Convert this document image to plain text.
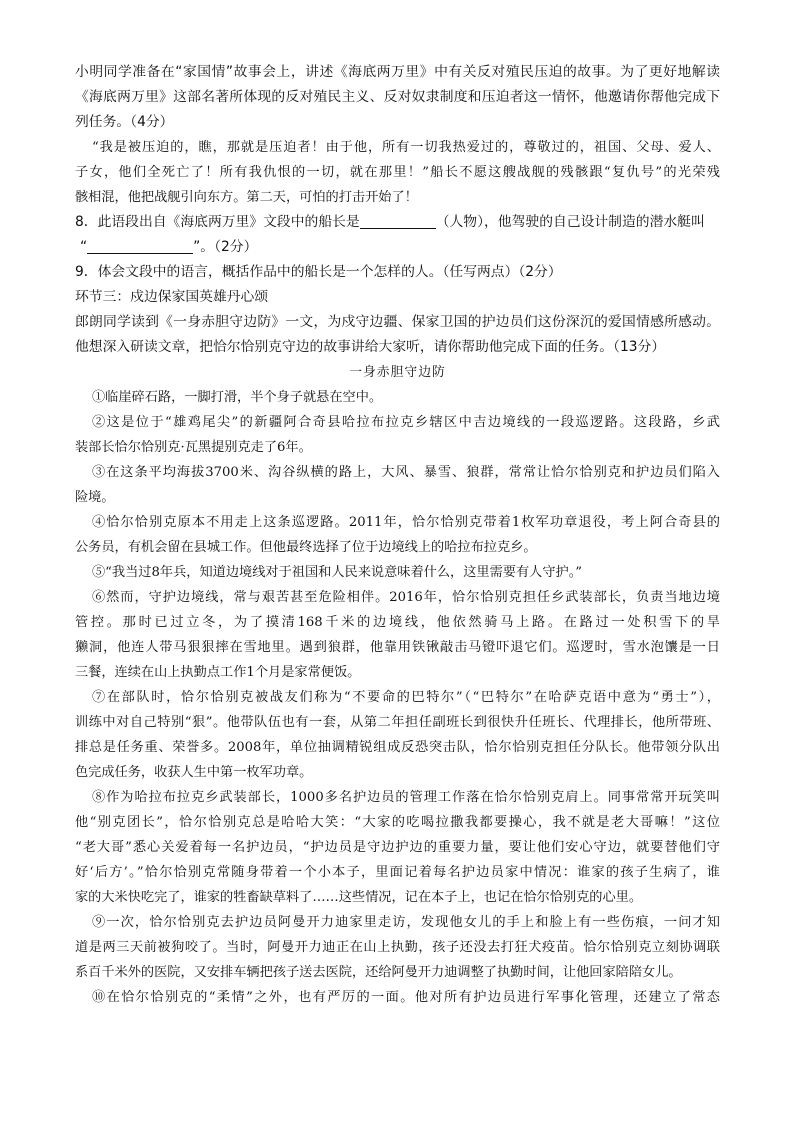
小明同学准备在“家国情”故事会上，讲述《海底两万里》中有关反对殖民压迫的故事。为了更好地解读
《海底两万里》这部名著所体现的反对殖民主义、反对奴隶制度和压迫者这一情怀，他邀请你帮他完成下
列任务。（4分）
“我是被压迫的，瞧，那就是压迫者！由于他，所有一切我热爱过的，尊敬过的，祖国、父母、爱人、
子女，他们全死亡了！所有我仇恨的一切，就在那里！”船长不愿这艘战舰的残骸跟“复仇号”的光荣残
骸相混，他把战舰引向东方。第二天，可怕的打击开始了！
8．此语段出自《海底两万里》文段中的船长是	（人物），他驾驶的自己设计制造的潜水艇叫
“	”。（2分）
9．体会文段中的语言，概括作品中的船长是一个怎样的人。（任写两点）（2分）
环节三：戍边保家国英雄丹心颂
郎朗同学读到《一身赤胆守边防》一文，为戍守边疆、保家卫国的护边员们这份深沉的爱国情感所感动。
他想深入研读文章，把恰尔恰别克守边的故事讲给大家听，请你帮助他完成下面的任务。（13分）
一身赤胆守边防
①临崖碎石路，一脚打滑，半个身子就悬在空中。
②这是位于“雄鸡尾尖”的新疆阿合奇县哈拉布拉克乡辖区中吉边境线的一段巡逻路。这段路，乡武
装部长恰尔恰别克·瓦黑提别克走了6年。
③在这条平均海拔3700米、沟谷纵横的路上，大风、暴雪、狼群，常常让恰尔恰别克和护边员们陷入
险境。
④恰尔恰别克原本不用走上这条巡逻路。2011年，恰尔恰别克带着1枚军功章退役，考上阿合奇县的
公务员，有机会留在县城工作。但他最终选择了位于边境线上的哈拉布拉克乡。
⑤“我当过8年兵，知道边境线对于祖国和人民来说意味着什么，这里需要有人守护。”
⑥然而，守护边境线，常与艰苦甚至危险相伴。2016年，恰尔恰别克担任乡武装部长，负责当地边境
管控。那时已过立冬，为了摸清168千米的边境线，他依然骑马上路。在路过一处积雪下的旱
獭洞，他连人带马狠狠摔在雪地里。遇到狼群，他靠用铁锹敲击马镫吓退它们。巡逻时，雪水泡馕是一日
三餐，连续在山上执勤点工作1个月是家常便饭。
⑦在部队时，恰尔恰别克被战友们称为“不要命的巴特尔”（“巴特尔”在哈萨克语中意为“勇士”），
训练中对自己特别“狠”。他带队伍也有一套，从第二年担任副班长到很快升任班长、代理排长，他所带班、
排总是任务重、荣誉多。2008年，单位抽调精锐组成反恐突击队，恰尔恰别克担任分队长。他带领分队出
色完成任务，收获人生中第一枚军功章。
⑧作为哈拉布拉克乡武装部长，1000多名护边员的管理工作落在恰尔恰别克肩上。同事常常开玩笑叫
他“别克团长”，恰尔恰别克总是哈哈大笑：“大家的吃喝拉撒我都要操心，我不就是老大哥嘛！”这位
“老大哥”悉心关爱着每一名护边员，“护边员是守边护边的重要力量，要让他们安心守边，就要替他们守
好‘后方’。”恰尔恰别克常随身带着一个小本子，里面记着每名护边员家中情况：谁家的孩子生病了，谁
家的大米快吃完了，谁家的牲畜缺草料了……这些情况，记在本子上，也记在恰尔恰别克的心里。
⑨一次，恰尔恰别克去护边员阿曼开力迪家里走访，发现他女儿的手上和脸上有一些伤痕，一问才知
道是两三天前被狗咬了。当时，阿曼开力迪正在山上执勤，孩子还没去打狂犬疫苗。恰尔恰别克立刻协调联
系百千米外的医院，又安排车辆把孩子送去医院，还给阿曼开力迪调整了执勤时间，让他回家陪陪女儿。
⑩在恰尔恰别克的“柔情”之外，也有严厉的一面。他对所有护边员进行军事化管理，还建立了常态
